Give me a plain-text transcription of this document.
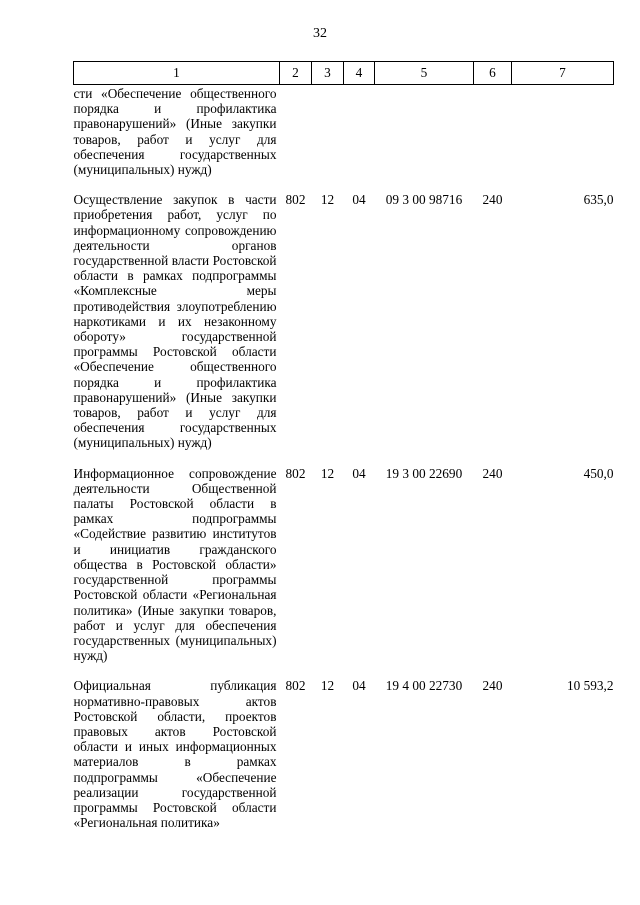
32
1	2	3	4	5	6	7
сти «Обеспечение общественного порядка и профилактика правонарушений» (Иные закупки товаров, работ и услуг для обеспечения государственных (муниципальных) нужд)						
Осуществление закупок в части приобретения работ, услуг по информационному сопровождению деятельности органов государственной власти Ростовской области в рамках подпрограммы «Комплексные меры противодействия злоупотреблению наркотиками и их незаконному обороту» государственной программы Ростовской области «Обеспечение общественного порядка и профилактика правонарушений» (Иные закупки товаров, работ и услуг для обеспечения государственных (муниципальных) нужд)	802	12	04	09 3 00 98716	240	635,0
Информационное сопровождение деятельности Общественной палаты Ростовской области в рамках подпрограммы «Содействие развитию институтов и инициатив гражданского общества в Ростовской области» государственной программы Ростовской области «Региональная политика» (Иные закупки товаров, работ и услуг для обеспечения государственных (муниципальных) нужд)	802	12	04	19 3 00 22690	240	450,0
Официальная публикация нормативно-правовых актов Ростовской области, проектов правовых актов Ростовской области и иных информационных материалов в рамках подпрограммы «Обеспечение реализации государственной программы Ростовской области «Региональная политика»	802	12	04	19 4 00 22730	240	10 593,2
